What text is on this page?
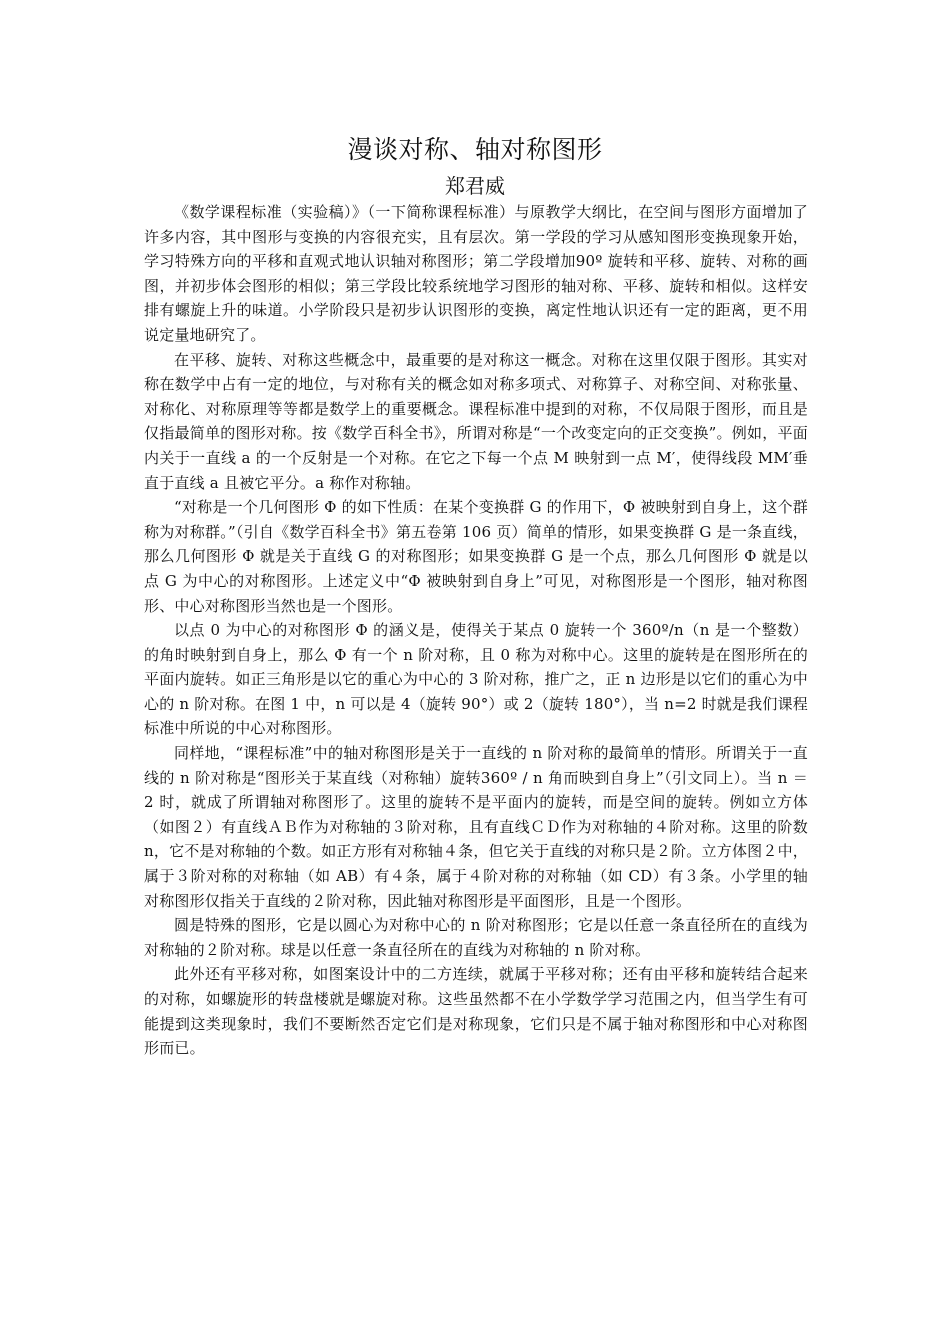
漫谈对称、轴对称图形
郑君威

《数学课程标准（实验稿）》（一下简称课程标准）与原教学大纲比，在空间与图形方面增加了许多内容，其中图形与变换的内容很充实，且有层次。第一学段的学习从感知图形变换现象开始，学习特殊方向的平移和直观式地认识轴对称图形；第二学段增加90º 旋转和平移、旋转、对称的画图，并初步体会图形的相似；第三学段比较系统地学习图形的轴对称、平移、旋转和相似。这样安排有螺旋上升的味道。小学阶段只是初步认识图形的变换，离定性地认识还有一定的距离，更不用说定量地研究了。

在平移、旋转、对称这些概念中，最重要的是对称这一概念。对称在这里仅限于图形。其实对称在数学中占有一定的地位，与对称有关的概念如对称多项式、对称算子、对称空间、对称张量、对称化、对称原理等等都是数学上的重要概念。课程标准中提到的对称，不仅局限于图形，而且是仅指最简单的图形对称。按《数学百科全书》，所谓对称是“一个改变定向的正交变换”。例如，平面内关于一直线 a 的一个反射是一个对称。在它之下每一个点 M 映射到一点 M′，使得线段 MM′垂直于直线 a 且被它平分。a 称作对称轴。

“对称是一个几何图形 Φ 的如下性质：在某个变换群 G 的作用下，Φ 被映射到自身上，这个群称为对称群。”（引自《数学百科全书》第五卷第 106 页）简单的情形，如果变换群 G 是一条直线，那么几何图形 Φ 就是关于直线 G 的对称图形；如果变换群 G 是一个点，那么几何图形 Φ 就是以点 G 为中心的对称图形。上述定义中“Φ 被映射到自身上”可见，对称图形是一个图形，轴对称图形、中心对称图形当然也是一个图形。

以点 0 为中心的对称图形 Φ 的涵义是，使得关于某点 0 旋转一个 360º/n（n 是一个整数）的角时映射到自身上，那么 Φ 有一个 n 阶对称，且 0 称为对称中心。这里的旋转是在图形所在的平面内旋转。如正三角形是以它的重心为中心的 3 阶对称，推广之，正 n 边形是以它们的重心为中心的 n 阶对称。在图 1 中，n 可以是 4（旋转 90°）或 2（旋转 180°），当 n=2 时就是我们课程标准中所说的中心对称图形。

同样地，“课程标准”中的轴对称图形是关于一直线的 n 阶对称的最简单的情形。所谓关于一直线的 n 阶对称是“图形关于某直线（对称轴）旋转360º / n 角而映到自身上”（引文同上）。当 n ＝ 2 时，就成了所谓轴对称图形了。这里的旋转不是平面内的旋转，而是空间的旋转。例如立方体（如图２）有直线ＡＢ作为对称轴的３阶对称，且有直线ＣＤ作为对称轴的４阶对称。这里的阶数 n，它不是对称轴的个数。如正方形有对称轴４条，但它关于直线的对称只是２阶。立方体图２中，属于３阶对称的对称轴（如 AB）有４条，属于４阶对称的对称轴（如 CD）有３条。小学里的轴对称图形仅指关于直线的２阶对称，因此轴对称图形是平面图形，且是一个图形。

圆是特殊的图形，它是以圆心为对称中心的 n 阶对称图形；它是以任意一条直径所在的直线为对称轴的２阶对称。球是以任意一条直径所在的直线为对称轴的 n 阶对称。

此外还有平移对称，如图案设计中的二方连续，就属于平移对称；还有由平移和旋转结合起来的对称，如螺旋形的转盘楼就是螺旋对称。这些虽然都不在小学数学学习范围之内，但当学生有可能提到这类现象时，我们不要断然否定它们是对称现象，它们只是不属于轴对称图形和中心对称图形而已。
